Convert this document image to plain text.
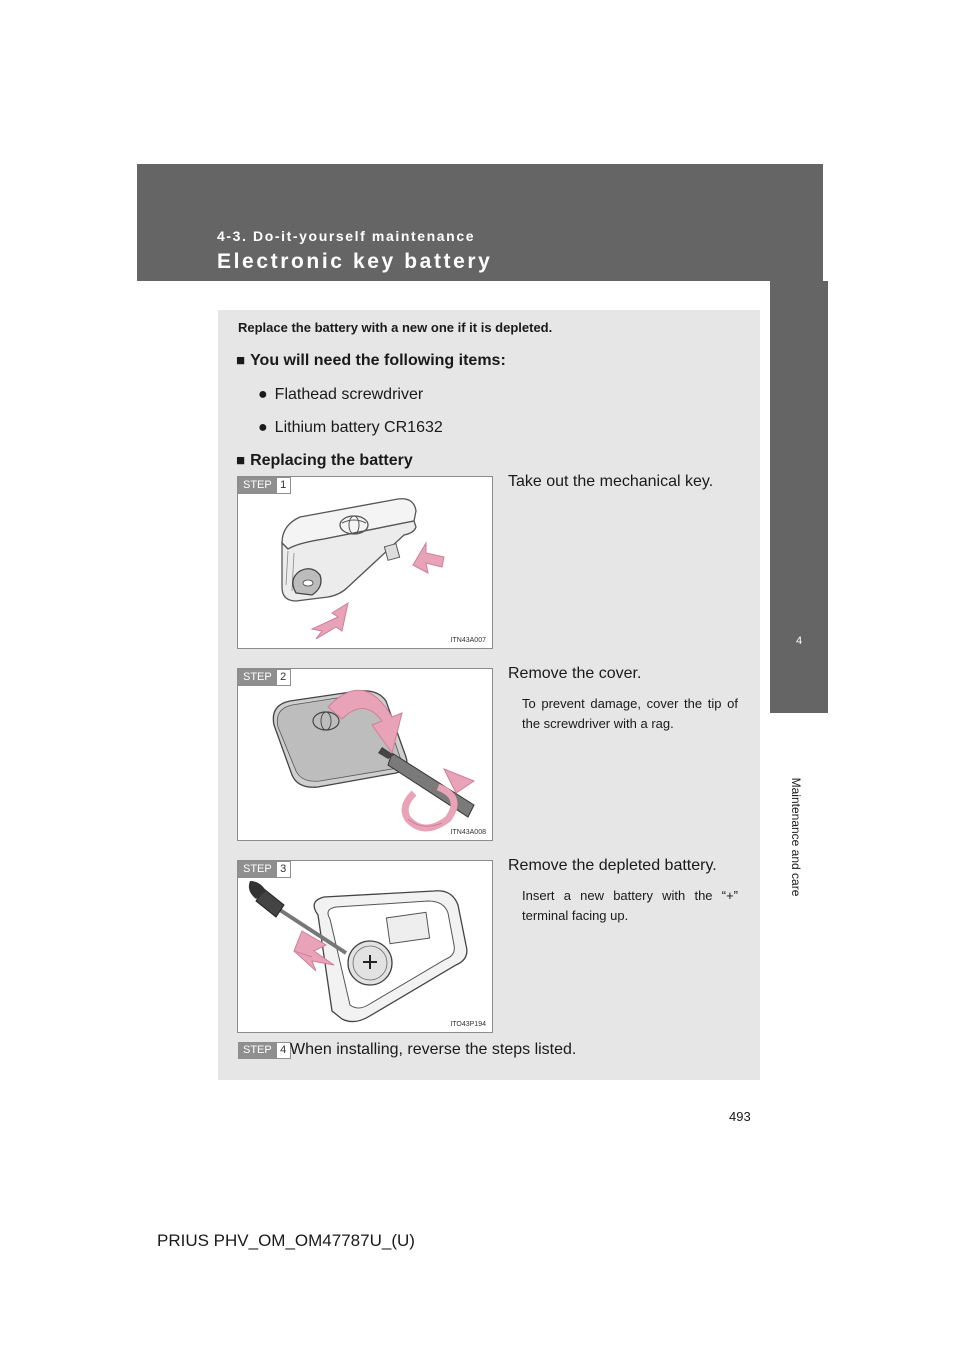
4-3. Do-it-yourself maintenance
Electronic key battery
4
Maintenance and care
Replace the battery with a new one if it is depleted.
■ You will need the following items:
● Flathead screwdriver
● Lithium battery CR1632
■ Replacing the battery
STEP 1
ITN43A007
Take out the mechanical key.
STEP 2
ITN43A008
Remove the cover.
To prevent damage, cover the tip of the screwdriver with a rag.
STEP 3
ITO43P194
Remove the depleted battery.
Insert a new battery with the “+” terminal facing up.
STEP 4 When installing, reverse the steps listed.
493
PRIUS PHV_OM_OM47787U_(U)
